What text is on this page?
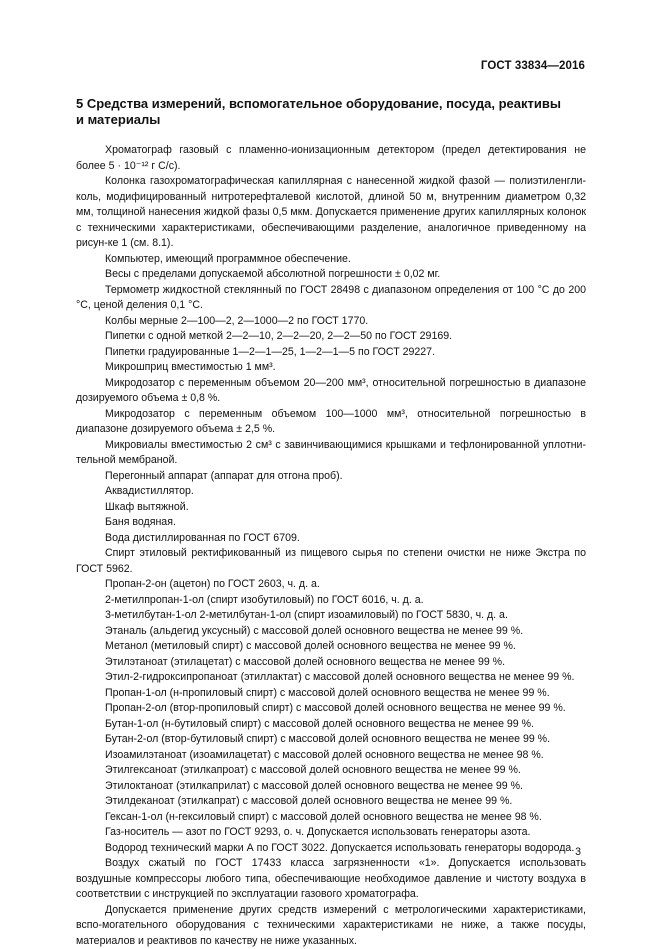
ГОСТ 33834—2016
5 Средства измерений, вспомогательное оборудование, посуда, реактивы
и материалы

Хроматограф газовый с пламенно-ионизационным детектором (предел детектирования не более 5 · 10⁻¹² г С/с).

Колонка газохроматографическая капиллярная с нанесенной жидкой фазой — полиэтиленгли-коль, модифицированный нитротерефталевой кислотой, длиной 50 м, внутренним диаметром 0,32 мм, толщиной нанесения жидкой фазы 0,5 мкм. Допускается применение других капиллярных колонок с техническими характеристиками, обеспечивающими разделение, аналогичное приведенному на рисун-ке 1 (см. 8.1).

Компьютер, имеющий программное обеспечение.

Весы с пределами допускаемой абсолютной погрешности ± 0,02 мг.

Термометр жидкостной стеклянный по ГОСТ 28498 с диапазоном определения от 100 °С до 200 °С, ценой деления 0,1 °С.

Колбы мерные 2—100—2, 2—1000—2 по ГОСТ 1770.

Пипетки с одной меткой 2—2—10, 2—2—20, 2—2—50 по ГОСТ 29169.

Пипетки градуированные 1—2—1—25, 1—2—1—5 по ГОСТ 29227.

Микрошприц вместимостью 1 мм³.

Микродозатор с переменным объемом 20—200 мм³, относительной погрешностью в диапазоне дозируемого объема ± 0,8 %.

Микродозатор с переменным объемом 100—1000 мм³, относительной погрешностью в диапазоне дозируемого объема ± 2,5 %.

Микровиалы вместимостью 2 см³ с завинчивающимися крышками и тефлонированной уплотни-тельной мембраной.

Перегонный аппарат (аппарат для отгона проб).

Аквадистиллятор.

Шкаф вытяжной.

Баня водяная.

Вода дистиллированная по ГОСТ 6709.

Спирт этиловый ректификованный из пищевого сырья по степени очистки не ниже Экстра по ГОСТ 5962.

Пропан-2-он (ацетон) по ГОСТ 2603, ч. д. а.

2-метилпропан-1-ол (спирт изобутиловый) по ГОСТ 6016, ч. д. а.

3-метилбутан-1-ол 2-метилбутан-1-ол (спирт изоамиловый) по ГОСТ 5830, ч. д. а.

Этаналь (альдегид уксусный) с массовой долей основного вещества не менее 99 %.

Метанол (метиловый спирт) с массовой долей основного вещества не менее 99 %.

Этилэтаноат (этилацетат) с массовой долей основного вещества не менее 99 %.

Этил-2-гидроксипропаноат (этиллактат) с массовой долей основного вещества не менее 99 %.

Пропан-1-ол (н-пропиловый спирт) с массовой долей основного вещества не менее 99 %.

Пропан-2-ол (втор-пропиловый спирт) с массовой долей основного вещества не менее 99 %.

Бутан-1-ол (н-бутиловый спирт) с массовой долей основного вещества не менее 99 %.

Бутан-2-ол (втор-бутиловый спирт) с массовой долей основного вещества не менее 99 %.

Изоамилэтаноат (изоамилацетат) с массовой долей основного вещества не менее 98 %.

Этилгексаноат (этилкапроат) с массовой долей основного вещества не менее 99 %.

Этилоктаноат (этилкаприлат) с массовой долей основного вещества не менее 99 %.

Этилдеканоат (этилкапрат) с массовой долей основного вещества не менее 99 %.

Гексан-1-ол (н-гексиловый спирт) с массовой долей основного вещества не менее 98 %.

Газ-носитель — азот по ГОСТ 9293, о. ч. Допускается использовать генераторы азота.

Водород технический марки А по ГОСТ 3022. Допускается использовать генераторы водорода.

Воздух сжатый по ГОСТ 17433 класса загрязненности «1». Допускается использовать воздушные компрессоры любого типа, обеспечивающие необходимое давление и чистоту воздуха в соответствии с инструкцией по эксплуатации газового хроматографа.

Допускается применение других средств измерений с метрологическими характеристиками, вспо-могательного оборудования с техническими характеристиками не ниже, а также посуды, материалов и реактивов по качеству не ниже указанных.

3
